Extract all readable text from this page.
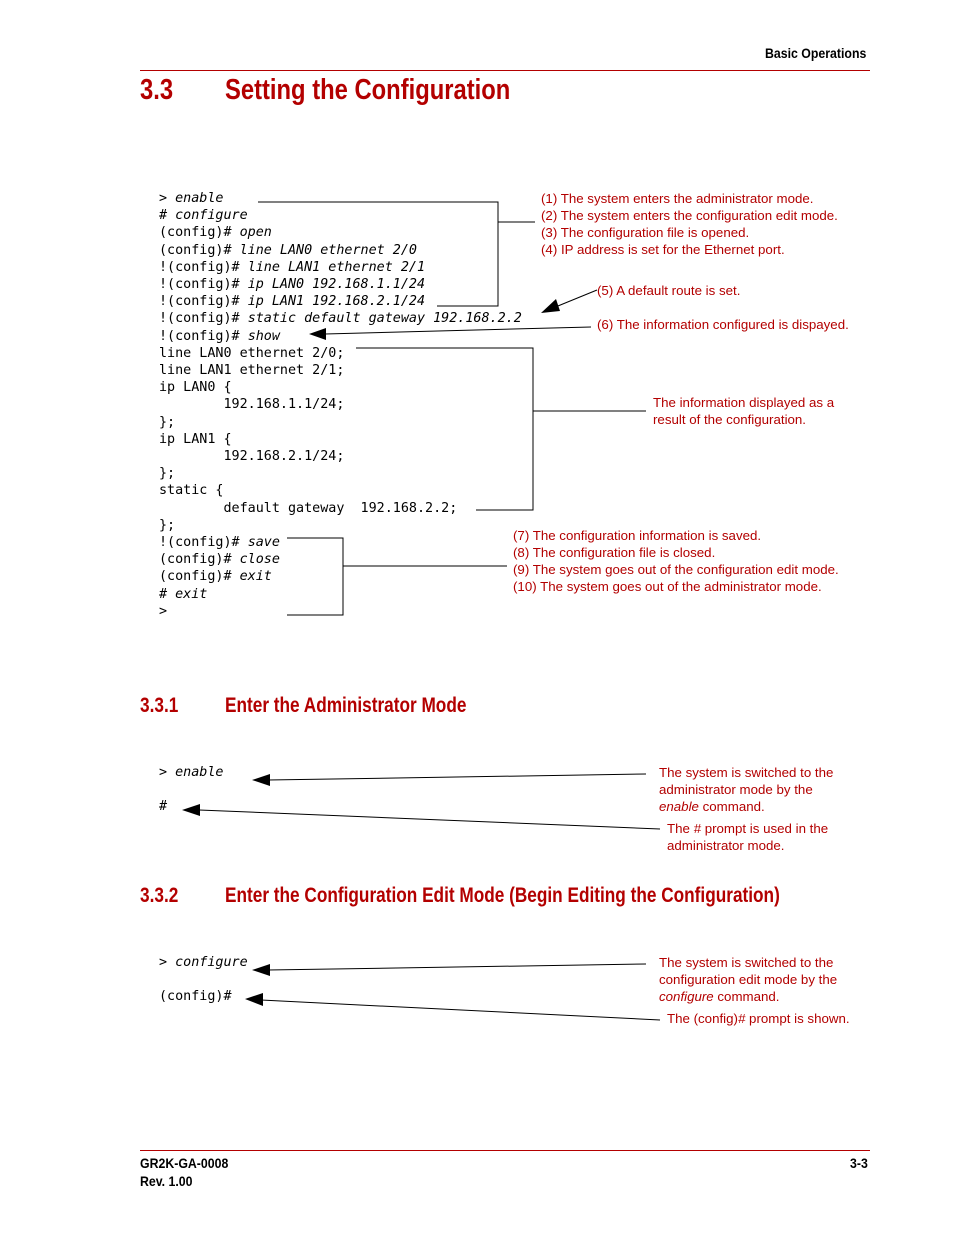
Basic Operations
3.3 Setting the Configuration
> enable
# configure
(config)# open
(config)# line LAN0 ethernet 2/0
!(config)# line LAN1 ethernet 2/1
!(config)# ip LAN0 192.168.1.1/24
!(config)# ip LAN1 192.168.2.1/24
!(config)# static default gateway 192.168.2.2
!(config)# show
line LAN0 ethernet 2/0;
line LAN1 ethernet 2/1;
ip LAN0 {
192.168.1.1/24;
};
ip LAN1 {
192.168.2.1/24;
};
static {
default gateway  192.168.2.2;
};
!(config)# save
(config)# close
(config)# exit
# exit
>
(1) The system enters the administrator mode.
(2) The system enters the configuration edit mode.
(3) The configuration file is opened.
(4) IP address is set for the Ethernet port.
(5) A default route is set.
(6) The information configured is dispayed.
The information displayed as a
result of the configuration.
(7) The configuration information is saved.
(8) The configuration file is closed.
(9) The system goes out of the configuration edit mode.
(10) The system goes out of the administrator mode.
3.3.1 Enter the Administrator Mode
> enable
#
The system is switched to the
administrator mode by the
enable command.
The # prompt is used in the
administrator mode.
3.3.2 Enter the Configuration Edit Mode (Begin Editing the Configuration)
> configure
(config)#
The system is switched to the
configuration edit mode by the
configure command.
The (config)# prompt is shown.
GR2K-GA-0008
Rev. 1.00
3-3
